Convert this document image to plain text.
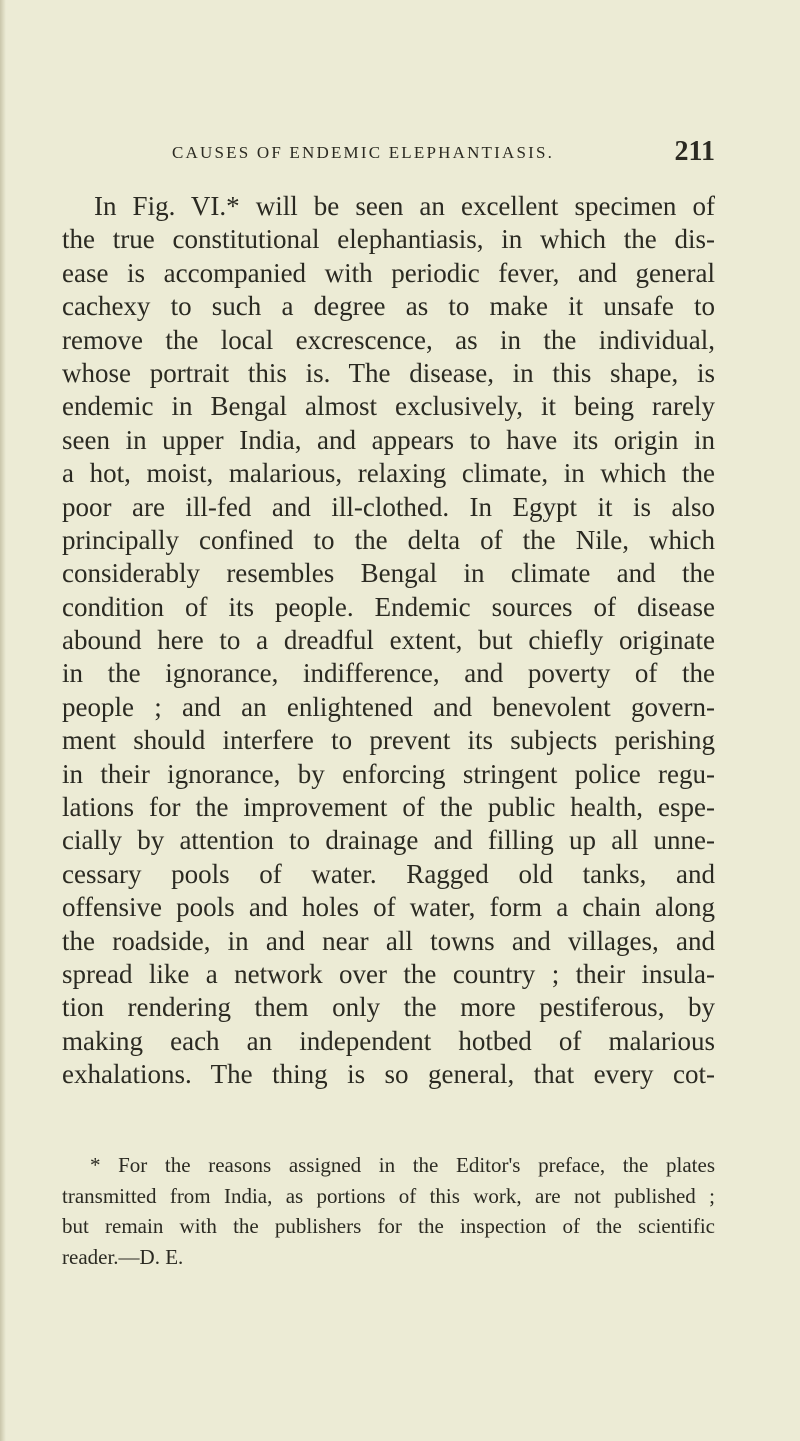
CAUSES OF ENDEMIC ELEPHANTIASIS.	211
In Fig. VI.* will be seen an excellent specimen of
the true constitutional elephantiasis, in which the dis-
ease is accompanied with periodic fever, and general
cachexy to such a degree as to make it unsafe to
remove the local excrescence, as in the individual,
whose portrait this is. The disease, in this shape, is
endemic in Bengal almost exclusively, it being rarely
seen in upper India, and appears to have its origin in
a hot, moist, malarious, relaxing climate, in which the
poor are ill-fed and ill-clothed. In Egypt it is also
principally confined to the delta of the Nile, which
considerably resembles Bengal in climate and the
condition of its people. Endemic sources of disease
abound here to a dreadful extent, but chiefly originate
in the ignorance, indifference, and poverty of the
people ; and an enlightened and benevolent govern-
ment should interfere to prevent its subjects perishing
in their ignorance, by enforcing stringent police regu-
lations for the improvement of the public health, espe-
cially by attention to drainage and filling up all unne-
cessary pools of water. Ragged old tanks, and
offensive pools and holes of water, form a chain along
the roadside, in and near all towns and villages, and
spread like a network over the country ; their insula-
tion rendering them only the more pestiferous, by
making each an independent hotbed of malarious
exhalations. The thing is so general, that every cot-
* For the reasons assigned in the Editor's preface, the plates
transmitted from India, as portions of this work, are not published ;
but remain with the publishers for the inspection of the scientific
reader.—D. E.
